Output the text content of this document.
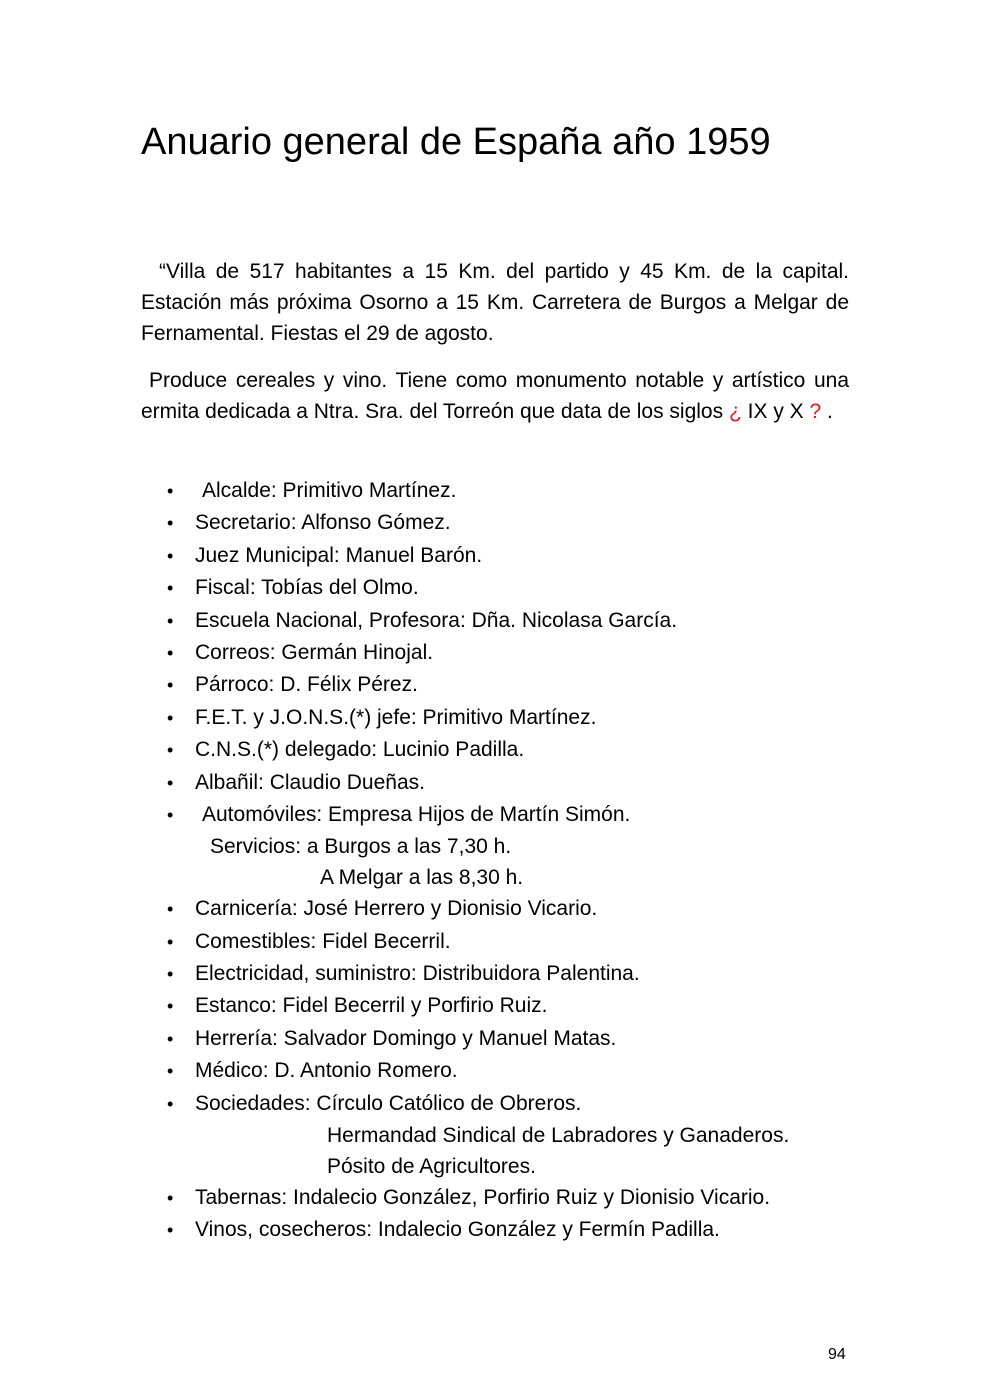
Anuario general de España año 1959

“Villa de 517 habitantes a 15 Km. del partido y 45 Km. de la capital. Estación más próxima Osorno a 15 Km. Carretera de Burgos a Melgar de Fernamental. Fiestas el 29 de agosto.

Produce cereales y vino. Tiene como monumento notable y artístico una ermita dedicada a Ntra. Sra. del Torreón que data de los siglos ¿ IX y X ? .

• Alcalde: Primitivo Martínez.
• Secretario: Alfonso Gómez.
• Juez Municipal: Manuel Barón.
• Fiscal: Tobías del Olmo.
• Escuela Nacional, Profesora: Dña. Nicolasa García.
• Correos: Germán Hinojal.
• Párroco: D. Félix Pérez.
• F.E.T. y J.O.N.S.(*) jefe: Primitivo Martínez.
• C.N.S.(*) delegado: Lucinio Padilla.
• Albañil: Claudio Dueñas.
• Automóviles: Empresa Hijos de Martín Simón.
Servicios: a Burgos a las 7,30 h.
A Melgar a las 8,30 h.
• Carnicería: José Herrero y Dionisio Vicario.
• Comestibles: Fidel Becerril.
• Electricidad, suministro: Distribuidora Palentina.
• Estanco: Fidel Becerril y Porfirio Ruiz.
• Herrería: Salvador Domingo y Manuel Matas.
• Médico: D. Antonio Romero.
• Sociedades: Círculo Católico de Obreros.
Hermandad Sindical de Labradores y Ganaderos.
Pósito de Agricultores.
• Tabernas: Indalecio González, Porfirio Ruiz y Dionisio Vicario.
• Vinos, cosecheros: Indalecio González y Fermín Padilla.
94
